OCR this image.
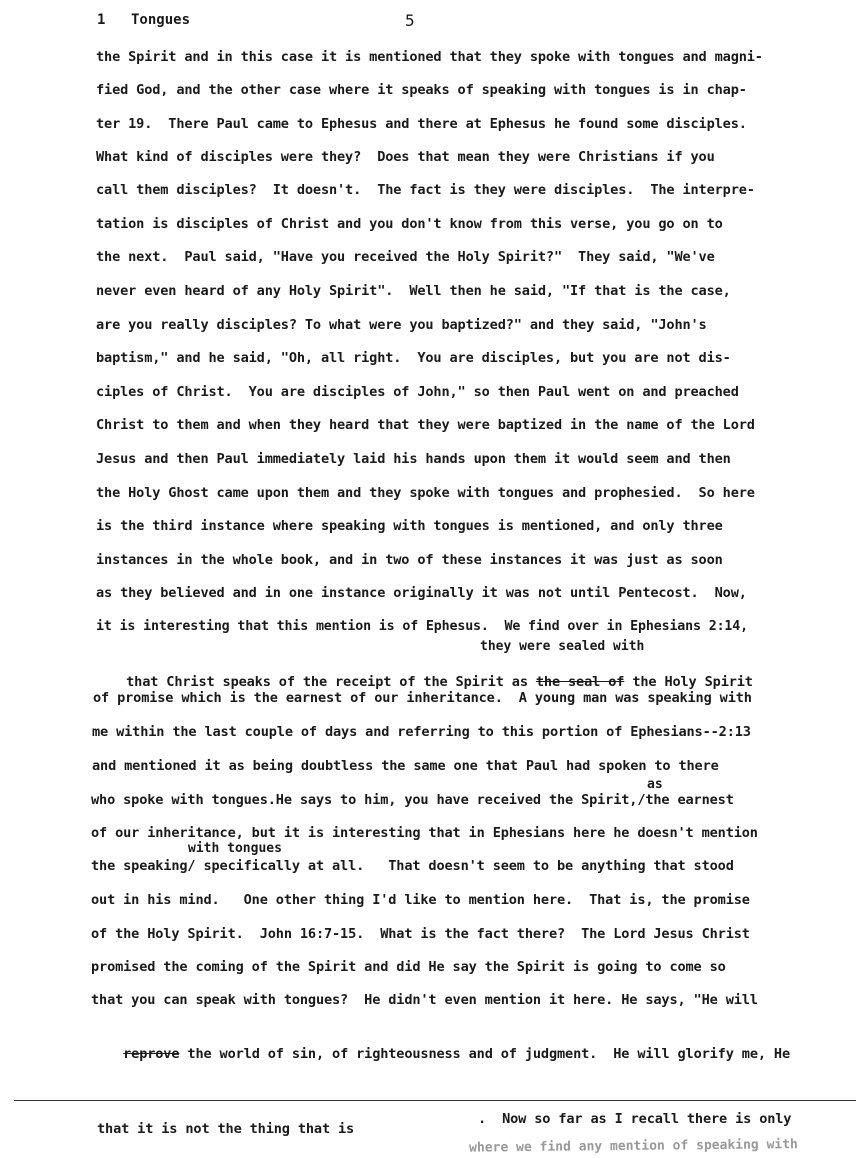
1 Tongues	5
the Spirit and in this case it is mentioned that they spoke with tongues and magni-
fied God, and the other case where it speaks of speaking with tongues is in chap-
ter 19.  There Paul came to Ephesus and there at Ephesus he found some disciples.
What kind of disciples were they?  Does that mean they were Christians if you
call them disciples?  It doesn't.  The fact is they were disciples.  The interpre-
tation is disciples of Christ and you don't know from this verse, you go on to
the next.  Paul said, "Have you received the Holy Spirit?"  They said, "We've
never even heard of any Holy Spirit".  Well then he said, "If that is the case,
are you really disciples? To what were you baptized?" and they said, "John's
baptism," and he said, "Oh, all right.  You are disciples, but you are not dis-
ciples of Christ.  You are disciples of John," so then Paul went on and preached
Christ to them and when they heard that they were baptized in the name of the Lord
Jesus and then Paul immediately laid his hands upon them it would seem and then
the Holy Ghost came upon them and they spoke with tongues and prophesied.  So here
is the third instance where speaking with tongues is mentioned, and only three
instances in the whole book, and in two of these instances it was just as soon
as they believed and in one instance originally it was not until Pentecost.  Now,
it is interesting that this mention is of Ephesus.  We find over in Ephesians 2:14,
they were sealed with

that Christ speaks of the receipt of the Spirit as the seal of the Holy Spirit

of promise which is the earnest of our inheritance.  A young man was speaking with
me within the last couple of days and referring to this portion of Ephesians--2:13
and mentioned it as being doubtless the same one that Paul had spoken to there
as
who spoke with tongues.He says to him, you have received the Spirit,/the earnest
of our inheritance, but it is interesting that in Ephesians here he doesn't mention
with tongues
the speaking/ specifically at all.   That doesn't seem to be anything that stood
out in his mind.   One other thing I'd like to mention here.  That is, the promise
of the Holy Spirit.  John 16:7-15.  What is the fact there?  The Lord Jesus Christ
promised the coming of the Spirit and did He say the Spirit is going to come so
that you can speak with tongues?  He didn't even mention it here. He says, "He will

reprove the world of sin, of righteousness and of judgment.  He will glorify me, He

that it is not the thing that is
.  Now so far as I recall there is only
where we find any mention of speaking with
